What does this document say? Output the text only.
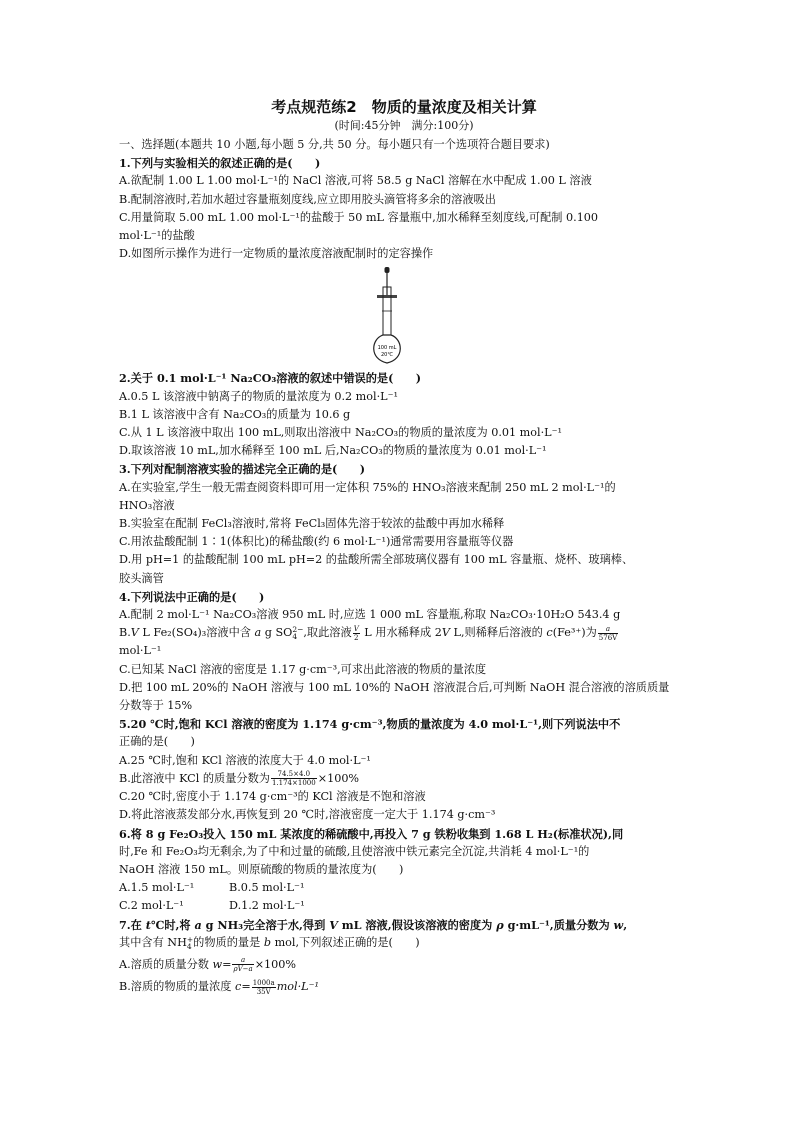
考点规范练2　物质的量浓度及相关计算
(时间:45分钟　满分:100分)
一、选择题(本题共 10 小题,每小题 5 分,共 50 分。每小题只有一个选项符合题目要求)
1.下列与实验相关的叙述正确的是(　　)
A.欲配制 1.00 L 1.00 mol·L⁻¹的 NaCl 溶液,可将 58.5 g NaCl 溶解在水中配成 1.00 L 溶液
B.配制溶液时,若加水超过容量瓶刻度线,应立即用胶头滴管将多余的溶液吸出
C.用量筒取 5.00 mL 1.00 mol·L⁻¹的盐酸于 50 mL 容量瓶中,加水稀释至刻度线,可配制 0.100
mol·L⁻¹的盐酸
D.如图所示操作为进行一定物质的量浓度溶液配制时的定容操作
100 mL
20℃
2.关于 0.1 mol·L⁻¹ Na₂CO₃溶液的叙述中错误的是(　　)
A.0.5 L 该溶液中钠离子的物质的量浓度为 0.2 mol·L⁻¹
B.1 L 该溶液中含有 Na₂CO₃的质量为 10.6 g
C.从 1 L 该溶液中取出 100 mL,则取出溶液中 Na₂CO₃的物质的量浓度为 0.01 mol·L⁻¹
D.取该溶液 10 mL,加水稀释至 100 mL 后,Na₂CO₃的物质的量浓度为 0.01 mol·L⁻¹
3.下列对配制溶液实验的描述完全正确的是(　　)
A.在实验室,学生一般无需查阅资料即可用一定体积 75%的 HNO₃溶液来配制 250 mL 2 mol·L⁻¹的
HNO₃溶液
B.实验室在配制 FeCl₃溶液时,常将 FeCl₃固体先溶于较浓的盐酸中再加水稀释
C.用浓盐酸配制 1∶1(体积比)的稀盐酸(约 6 mol·L⁻¹)通常需要用容量瓶等仪器
D.用 pH=1 的盐酸配制 100 mL pH=2 的盐酸所需全部玻璃仪器有 100 mL 容量瓶、烧杯、玻璃棒、
胶头滴管
4.下列说法中正确的是(　　)
A.配制 2 mol·L⁻¹ Na₂CO₃溶液 950 mL 时,应选 1 000 mL 容量瓶,称取 Na₂CO₃·10H₂O 543.4 g
B.V L Fe₂(SO₄)₃溶液中含 a g SO 2−
4 ,取此溶液 $\frac{V}{2}$ L 用水稀释成 2V L,则稀释后溶液的 c(Fe³⁺)为 $\frac{a}{576V}$
mol·L⁻¹
C.已知某 NaCl 溶液的密度是 1.17 g·cm⁻³,可求出此溶液的物质的量浓度
D.把 100 mL 20%的 NaOH 溶液与 100 mL 10%的 NaOH 溶液混合后,可判断 NaOH 混合溶液的溶质质量
分数等于 15%
5.20 ℃时,饱和 KCl 溶液的密度为 1.174 g·cm⁻³,物质的量浓度为 4.0 mol·L⁻¹,则下列说法中不
正确的是(　　)
A.25 ℃时,饱和 KCl 溶液的浓度大于 4.0 mol·L⁻¹
B.此溶液中 KCl 的质量分数为 $\frac{74.5\times 4.0}{1.174\times 1000} \times 100\%$
C.20 ℃时,密度小于 1.174 g·cm⁻³的 KCl 溶液是不饱和溶液
D.将此溶液蒸发部分水,再恢复到 20 ℃时,溶液密度一定大于 1.174 g·cm⁻³
6.将 8 g Fe₂O₃投入 150 mL 某浓度的稀硫酸中,再投入 7 g 铁粉收集到 1.68 L H₂(标准状况),同
时,Fe 和 Fe₂O₃均无剩余,为了中和过量的硫酸,且使溶液中铁元素完全沉淀,共消耗 4 mol·L⁻¹的
NaOH 溶液 150 mL。则原硫酸的物质的量浓度为(　　)
A.1.5 mol·L⁻¹	B.0.5 mol·L⁻¹
C.2 mol·L⁻¹	D.1.2 mol·L⁻¹
7.在 t℃时,将 a g NH₃完全溶于水,得到 V mL 溶液,假设该溶液的密度为 ρ g·mL⁻¹,质量分数为 w,
其中含有 NH +
4 的物质的量是 b mol,下列叙述正确的是(　　)
A.溶质的质量分数 $w= \frac{a}{\rho V-a} \times 100\%$
B.溶质的物质的量浓度 $c= \frac{1000a}{35V} mol\cdot L^{-1}$
